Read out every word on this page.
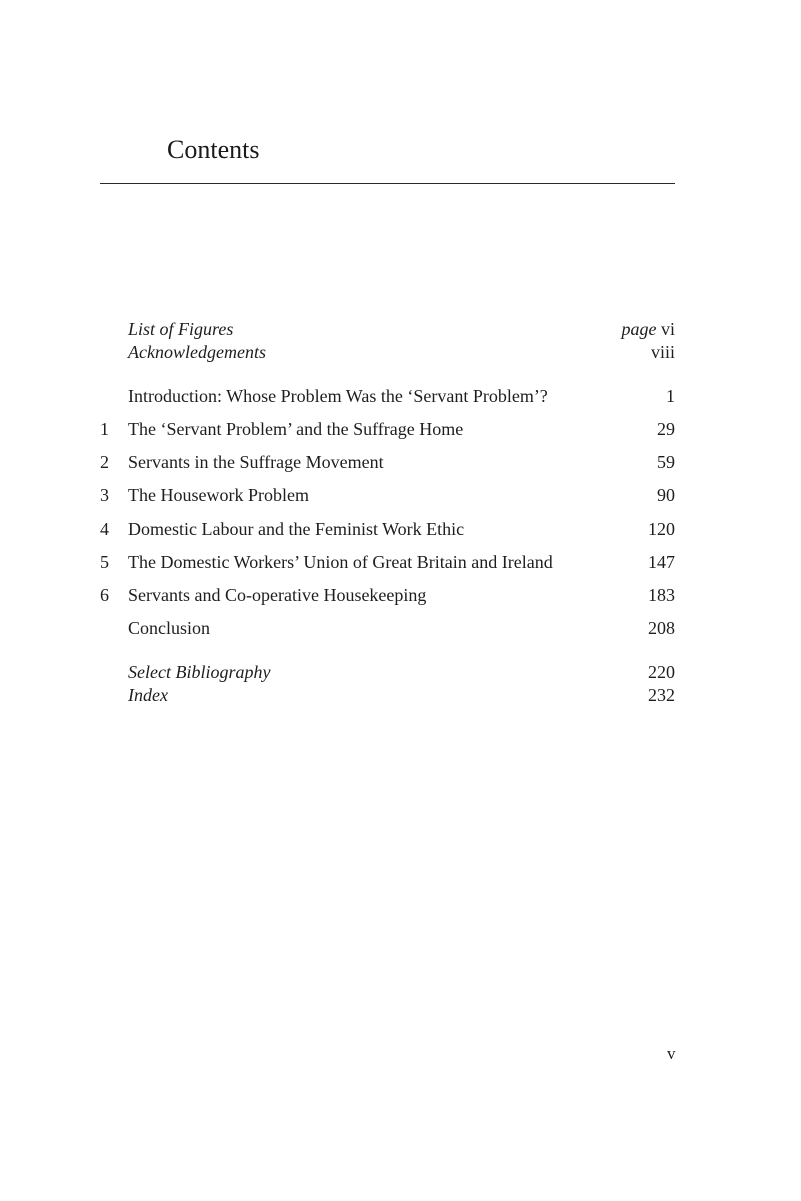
Contents
List of Figures	page vi
Acknowledgements	viii
Introduction: Whose Problem Was the ‘Servant Problem’?	1
1 The ‘Servant Problem’ and the Suffrage Home	29
2 Servants in the Suffrage Movement	59
3 The Housework Problem	90
4 Domestic Labour and the Feminist Work Ethic	120
5 The Domestic Workers’ Union of Great Britain and Ireland	147
6 Servants and Co-operative Housekeeping	183
Conclusion	208
Select Bibliography	220
Index	232
v
